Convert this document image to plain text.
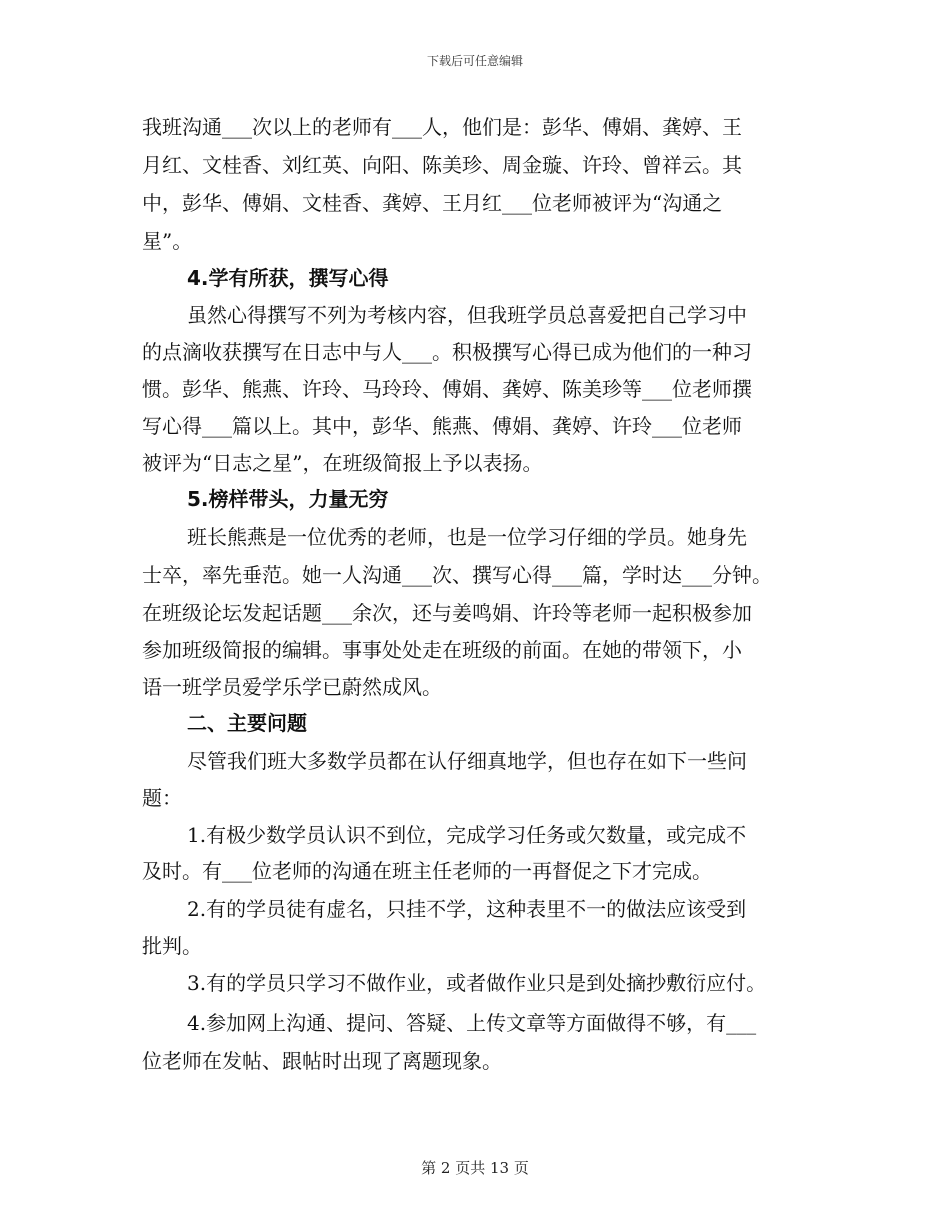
下载后可任意编辑
我班沟通___次以上的老师有___人，他们是：彭华、傅娟、龚婷、王
月红、文桂香、刘红英、向阳、陈美珍、周金璇、许玲、曾祥云。其
中，彭华、傅娟、文桂香、龚婷、王月红___位老师被评为“沟通之
星”。
4.学有所获，撰写心得
虽然心得撰写不列为考核内容，但我班学员总喜爱把自己学习中
的点滴收获撰写在日志中与人___。积极撰写心得已成为他们的一种习
惯。彭华、熊燕、许玲、马玲玲、傅娟、龚婷、陈美珍等___位老师撰
写心得___篇以上。其中，彭华、熊燕、傅娟、龚婷、许玲___位老师
被评为“日志之星”，在班级简报上予以表扬。
5.榜样带头，力量无穷
班长熊燕是一位优秀的老师，也是一位学习仔细的学员。她身先
士卒，率先垂范。她一人沟通___次、撰写心得___篇，学时达___分钟。
在班级论坛发起话题___余次，还与姜鸣娟、许玲等老师一起积极参加
参加班级简报的编辑。事事处处走在班级的前面。在她的带领下，小
语一班学员爱学乐学已蔚然成风。
二、主要问题
尽管我们班大多数学员都在认仔细真地学，但也存在如下一些问
题：
1.有极少数学员认识不到位，完成学习任务或欠数量，或完成不
及时。有___位老师的沟通在班主任老师的一再督促之下才完成。
2.有的学员徒有虚名，只挂不学，这种表里不一的做法应该受到
批判。
3.有的学员只学习不做作业，或者做作业只是到处摘抄敷衍应付。
4.参加网上沟通、提问、答疑、上传文章等方面做得不够，有___
位老师在发帖、跟帖时出现了离题现象。
第 2 页共 13 页
